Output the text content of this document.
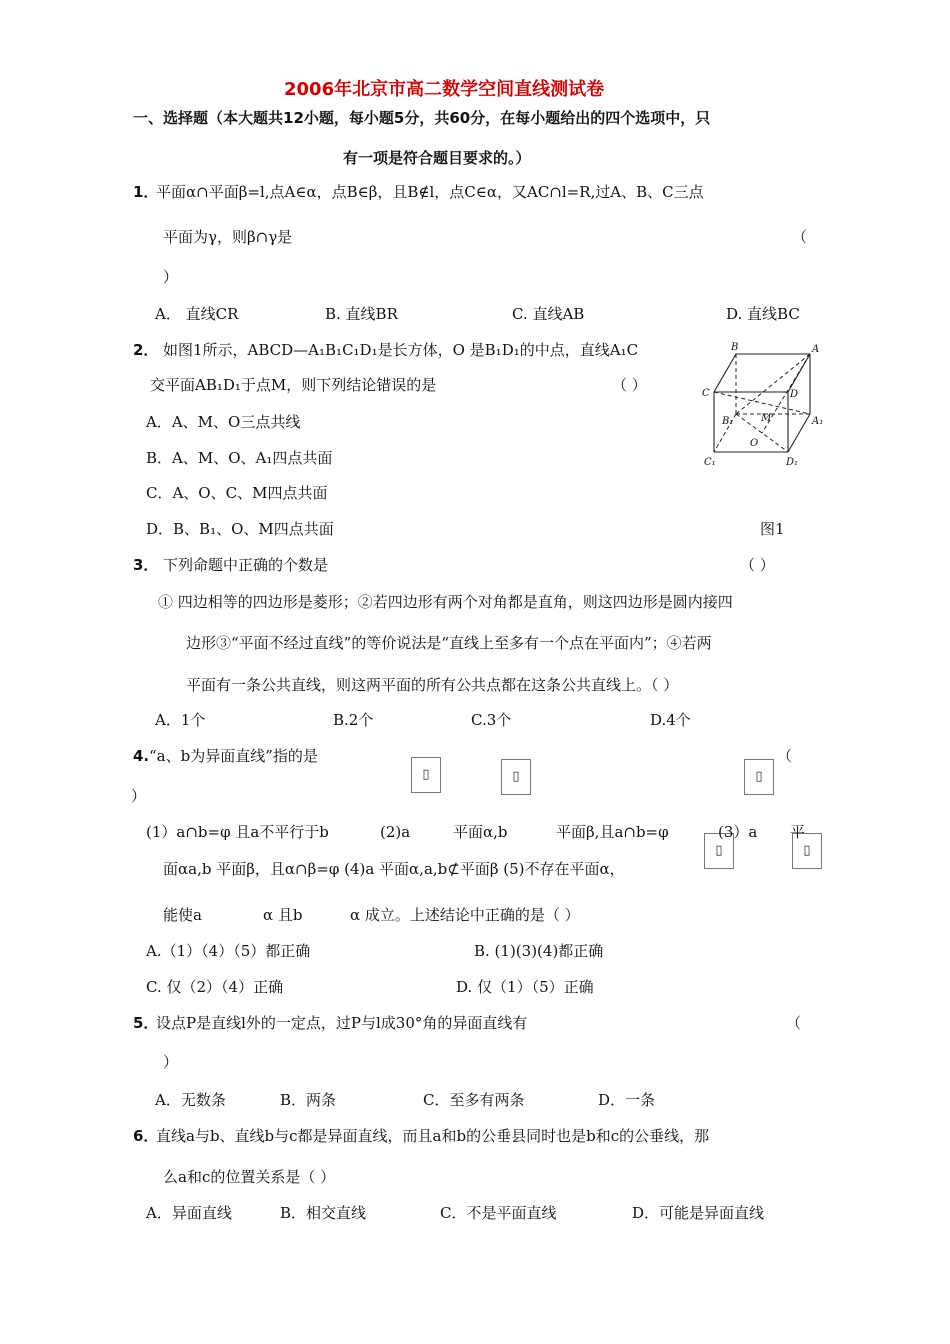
2006年北京市高二数学空间直线测试卷
一、选择题（本大题共12小题，每小题5分，共60分，在每小题给出的四个选项中，只
有一项是符合题目要求的。）
1．
平面α∩平面β=l,点A∈α，点B∈β，且B∉l，点C∈α，又AC∩l=R,过A、B、C三点
平面为γ，则β∩γ是	（
）
A． 直线CR	B. 直线BR	C. 直线AB	D. 直线BC
2． 如图1所示，ABCD—A₁B₁C₁D₁是长方体，O 是B₁D₁的中点，直线A₁C
交平面AB₁D₁于点M，则下列结论错误的是	（ ）
A．A、M、O三点共线
B．A、M、O、A₁四点共面
C．A、O、C、M四点共面
D．B、B₁、O、M四点共面	图1
B	A
C	D
B₁	M	A₁
O
C₁	D₁
3． 下列命题中正确的个数是	（ ）
① 四边相等的四边形是菱形；②若四边形有两个对角都是直角，则这四边形是圆内接四
边形③“平面不经过直线”的等价说法是“直线上至多有一个点在平面内”；④若两
平面有一条公共直线，则这两平面的所有公共点都在这条公共直线上。（ ）
A．1个	B.2个	C.3个	D.4个
4. “a、b为异面直线”指的是	（
）
▯	▯	▯
▯	▯
(1）a∩b=φ 且a不平行于b	(2)a	平面α,b	平面β,且a∩b=φ	(3）a 平
面αa,b 平面β，且α∩β=φ (4)a 平面α,a,b⊄平面β (5)不存在平面α，
能使a	α 且b	α 成立。上述结论中正确的是（ ）
A.（1）（4）（5）都正确	B. (1)(3)(4)都正确
C. 仅（2）（4）正确	D. 仅（1）（5）正确
5．
设点P是直线l外的一定点，过P与l成30°角的异面直线有	（
）
A．无数条	B．两条	C．至多有两条	D．一条
6．
直线a与b、直线b与c都是异面直线，而且a和b的公垂县同时也是b和c的公垂线，那
么a和c的位置关系是（ ）
A．异面直线	B．相交直线	C．不是平面直线	D．可能是异面直线
